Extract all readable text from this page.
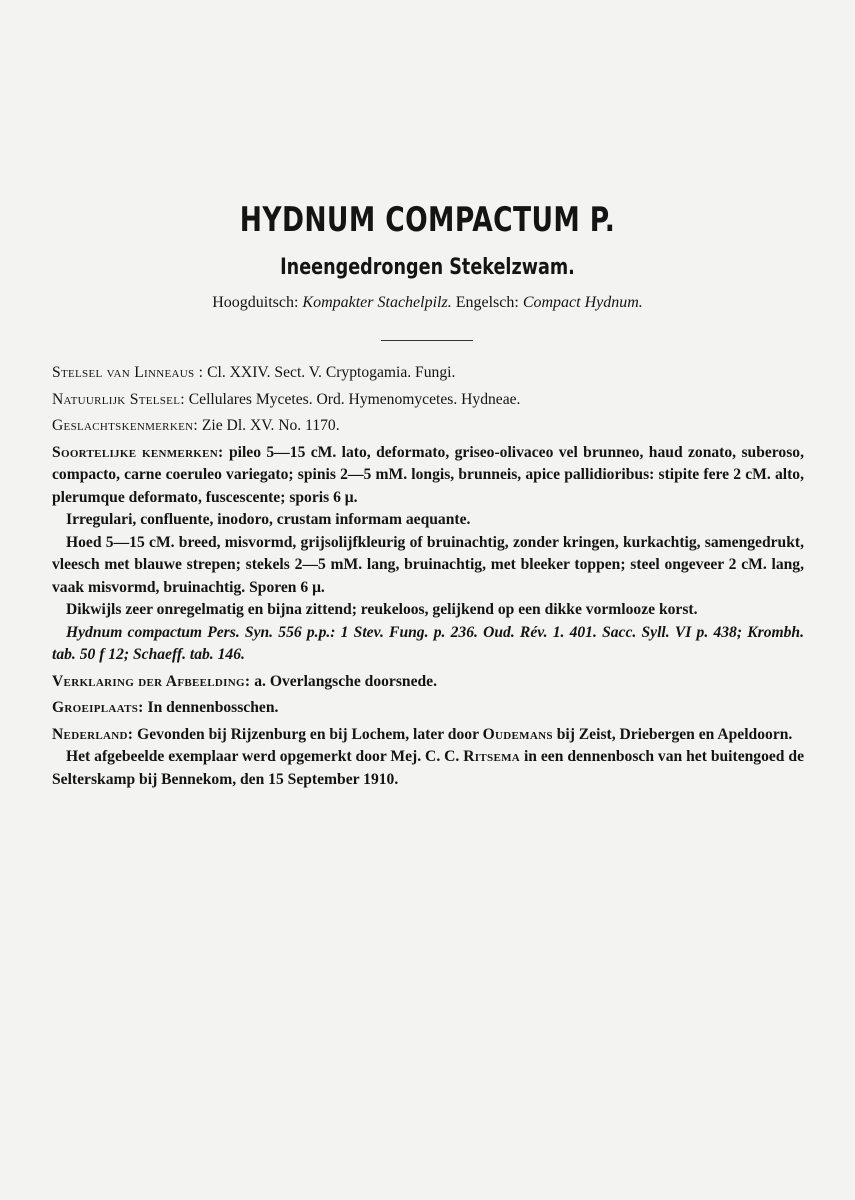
HYDNUM COMPACTUM P.
Ineengedrongen Stekelzwam.
Hoogduitsch: Kompakter Stachelpilz. Engelsch: Compact Hydnum.

Stelsel van Linneaus : Cl. XXIV. Sect. V. Cryptogamia. Fungi.

Natuurlijk Stelsel: Cellulares Mycetes. Ord. Hymenomycetes. Hydneae.

Geslachtskenmerken: Zie Dl. XV. No. 1170.

Soortelijke kenmerken: pileo 5—15 cM. lato, deformato, griseo-olivaceo vel brunneo, haud zonato, suberoso, compacto, carne coeruleo variegato; spinis 2—5 mM. longis, brunneis, apice pallidioribus: stipite fere 2 cM. alto, plerumque deformato, fuscescente; sporis 6 μ.

Irregulari, confluente, inodoro, crustam informam aequante.

Hoed 5—15 cM. breed, misvormd, grijsolijfkleurig of bruinachtig, zonder kringen, kurkachtig, samengedrukt, vleesch met blauwe strepen; stekels 2—5 mM. lang, bruinachtig, met bleeker toppen; steel ongeveer 2 cM. lang, vaak misvormd, bruinachtig. Sporen 6 μ.

Dikwijls zeer onregelmatig en bijna zittend; reukeloos, gelijkend op een dikke vormlooze korst.

Hydnum compactum Pers. Syn. 556 p.p.: 1 Stev. Fung. p. 236. Oud. Rév. 1. 401. Sacc. Syll. VI p. 438; Krombh. tab. 50 f 12; Schaeff. tab. 146.

Verklaring der Afbeelding: a. Overlangsche doorsnede.

Groeiplaats: In dennenbosschen.

Nederland: Gevonden bij Rijzenburg en bij Lochem, later door Oudemans bij Zeist, Driebergen en Apeldoorn.

Het afgebeelde exemplaar werd opgemerkt door Mej. C. C. Ritsema in een dennenbosch van het buitengoed de Selterskamp bij Bennekom, den 15 September 1910.
